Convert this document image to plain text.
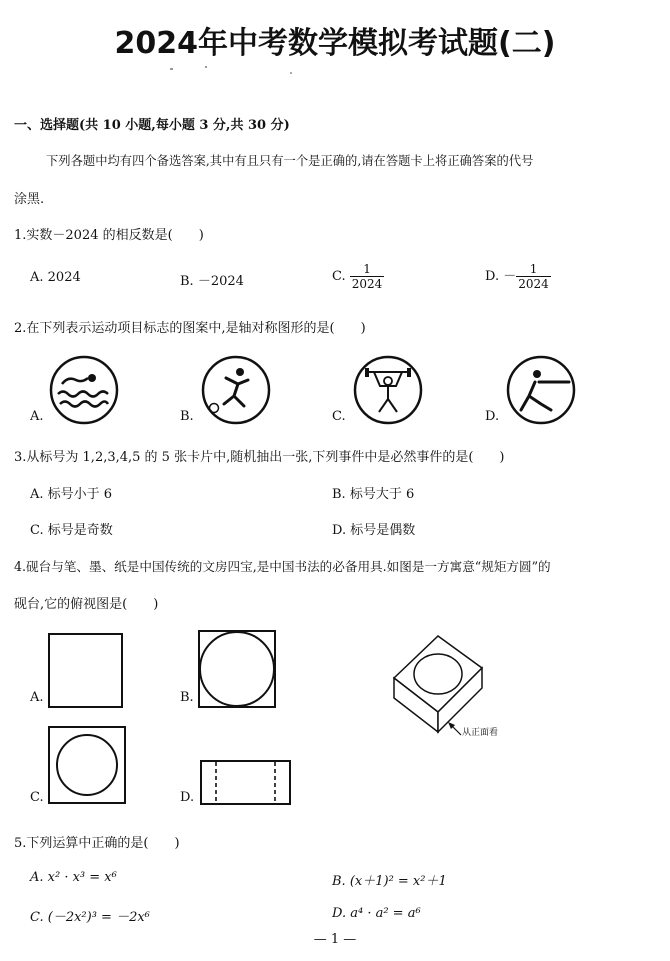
2024年中考数学模拟考试题(二)
一、选择题(共 10 小题,每小题 3 分,共 30 分)
下列各题中均有四个备选答案,其中有且只有一个是正确的,请在答题卡上将正确答案的代号
涂黑.
1.实数－2024 的相反数是(　　)
A. 2024	B. －2024	C. $\frac{1}{2024}$	D. － $\frac{1}{2024}$
2.在下列表示运动项目标志的图案中,是轴对称图形的是(　　)
A.	B.	C.	D.
3.从标号为 1,2,3,4,5 的 5 张卡片中,随机抽出一张,下列事件中是必然事件的是(　　)
A. 标号小于 6	B. 标号大于 6
C. 标号是奇数	D. 标号是偶数
4.砚台与笔、墨、纸是中国传统的文房四宝,是中国书法的必备用具.如图是一方寓意“规矩方圆”的
砚台,它的俯视图是(　　)
A.	B.
C.	D.
从正面看
5.下列运算中正确的是(　　)
A. x² · x³ = x⁶	B. (x＋1)² = x²＋1
C. (－2x²)³ = －2x⁶	D. a⁴ · a² = a⁶
— 1 —
